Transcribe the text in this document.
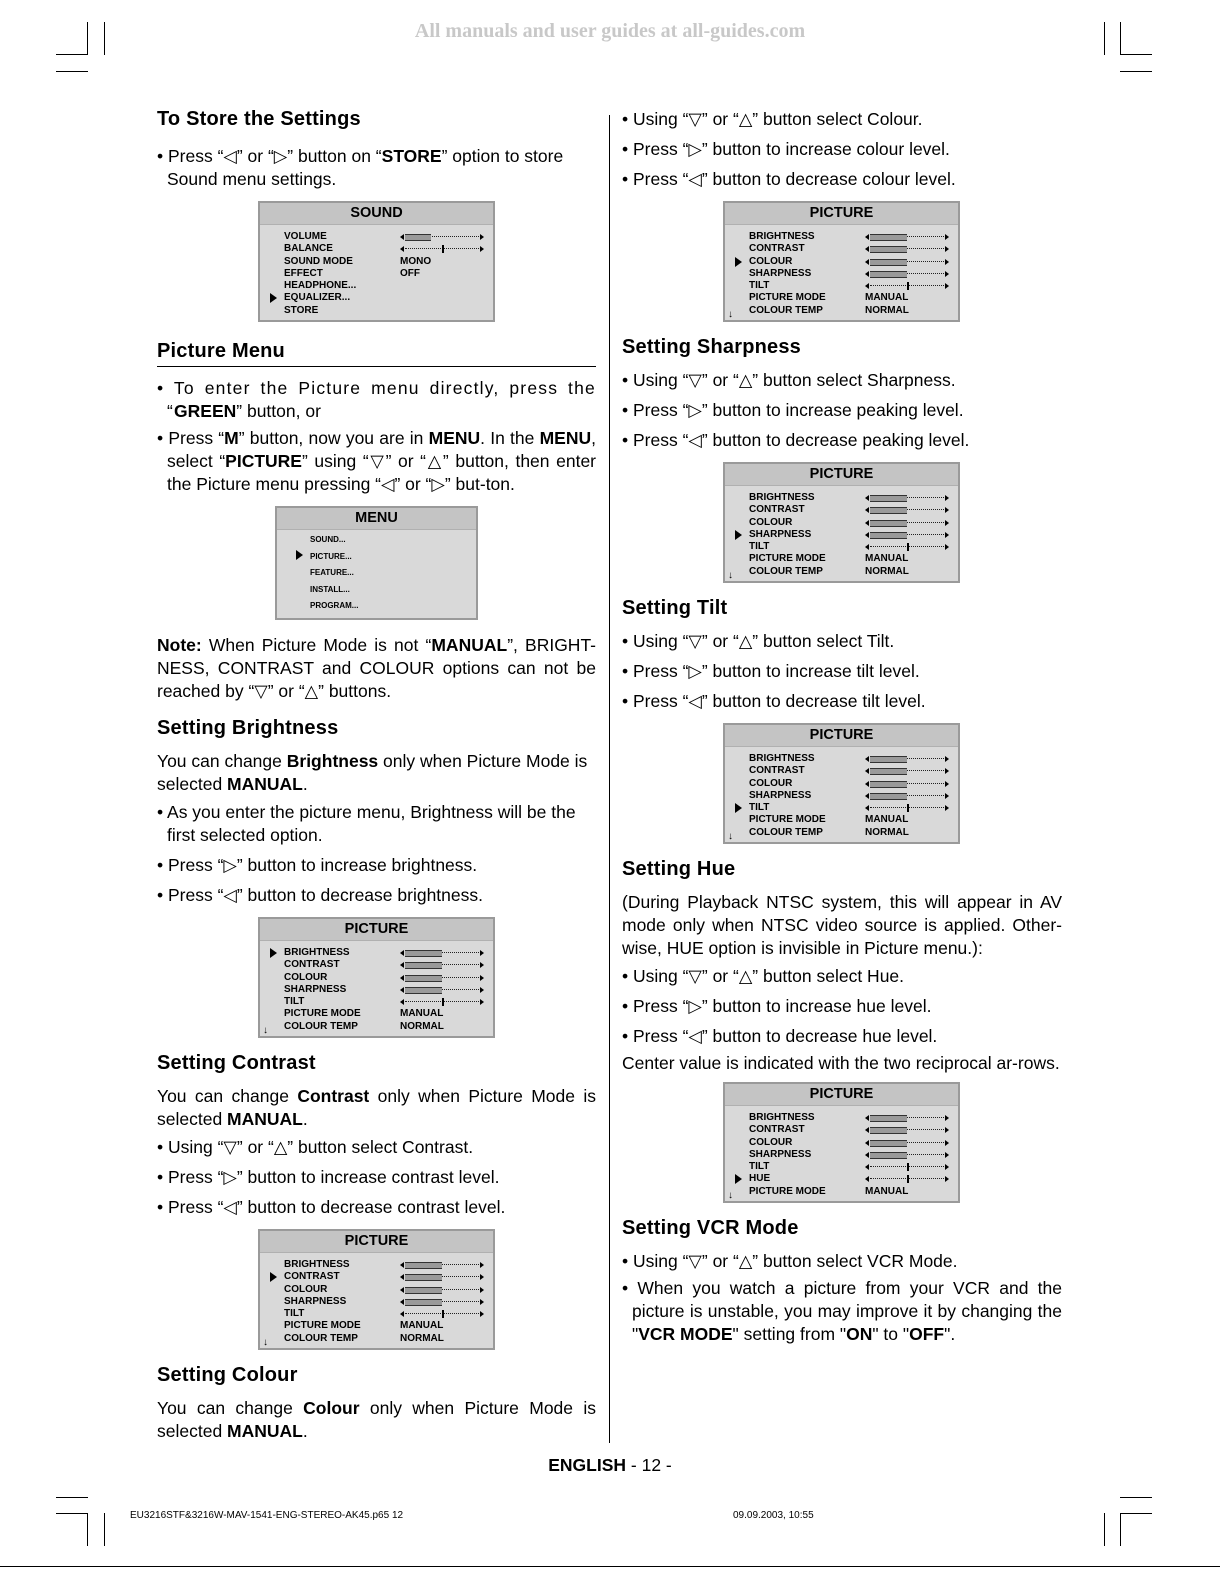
All manuals and user guides at all-guides.com
To Store the Settings

• Press “◁” or “▷” button on “STORE” option to store Sound menu settings.

SOUND
VOLUME
BALANCE
SOUND MODE	MONO
EFFECT	OFF
HEADPHONE...
EQUALIZER...
STORE
Picture Menu

• To enter the Picture menu directly, press the “GREEN” button, or

• Press “M” button, now you are in MENU. In the MENU, select “PICTURE” using “▽” or “△” button, then enter the Picture menu pressing “◁” or “▷” but-ton.

MENU
SOUND...
PICTURE...
FEATURE...
INSTALL...
PROGRAM...

Note: When Picture Mode is not “MANUAL”, BRIGHT-NESS, CONTRAST and COLOUR options can not be reached by “▽” or “△” buttons.

Setting Brightness

You can change Brightness only when Picture Mode is selected MANUAL.

• As you enter the picture menu, Brightness will be the first selected option.

• Press “▷” button to increase brightness.

• Press “◁” button to decrease brightness.

PICTURE
BRIGHTNESS
CONTRAST
COLOUR
SHARPNESS
TILT
PICTURE MODE	MANUAL
COLOUR TEMP	NORMAL
↓
Setting Contrast

You can change Contrast only when Picture Mode is selected MANUAL.

• Using “▽” or “△” button select Contrast.

• Press “▷” button to increase contrast level.

• Press “◁” button to decrease contrast level.

PICTURE
BRIGHTNESS
CONTRAST
COLOUR
SHARPNESS
TILT
PICTURE MODE	MANUAL
COLOUR TEMP	NORMAL
↓
Setting Colour

You can change Colour only when Picture Mode is selected MANUAL.

• Using “▽” or “△” button select Colour.

• Press “▷” button to increase colour level.

• Press “◁” button to decrease colour level.

PICTURE
BRIGHTNESS
CONTRAST
COLOUR
SHARPNESS
TILT
PICTURE MODE	MANUAL
COLOUR TEMP	NORMAL
↓
Setting Sharpness

• Using “▽” or “△” button select Sharpness.

• Press “▷” button to increase peaking level.

• Press “◁” button to decrease peaking level.

PICTURE
BRIGHTNESS
CONTRAST
COLOUR
SHARPNESS
TILT
PICTURE MODE	MANUAL
COLOUR TEMP	NORMAL
↓
Setting Tilt

• Using “▽” or “△” button select Tilt.

• Press “▷” button to increase tilt level.

• Press “◁” button to decrease tilt level.

PICTURE
BRIGHTNESS
CONTRAST
COLOUR
SHARPNESS
TILT
PICTURE MODE	MANUAL
COLOUR TEMP	NORMAL
↓
Setting Hue

(During Playback NTSC system, this will appear in AV mode only when NTSC video source is applied. Other-wise, HUE option is invisible in Picture menu.):

• Using “▽” or “△” button select Hue.

• Press “▷” button to increase hue level.

• Press “◁” button to decrease hue level.

Center value is indicated with the two reciprocal ar-rows.

PICTURE
BRIGHTNESS
CONTRAST
COLOUR
SHARPNESS
TILT
HUE
PICTURE MODE	MANUAL
↓
Setting VCR Mode

• Using “▽” or “△” button select VCR Mode.

• When you watch a picture from your VCR and the picture is unstable, you may improve it by changing the "VCR MODE" setting from "ON" to "OFF".

ENGLISH - 12 -
EU3216STF&3216W-MAV-1541-ENG-STEREO-AK45.p65 12	09.09.2003, 10:55
